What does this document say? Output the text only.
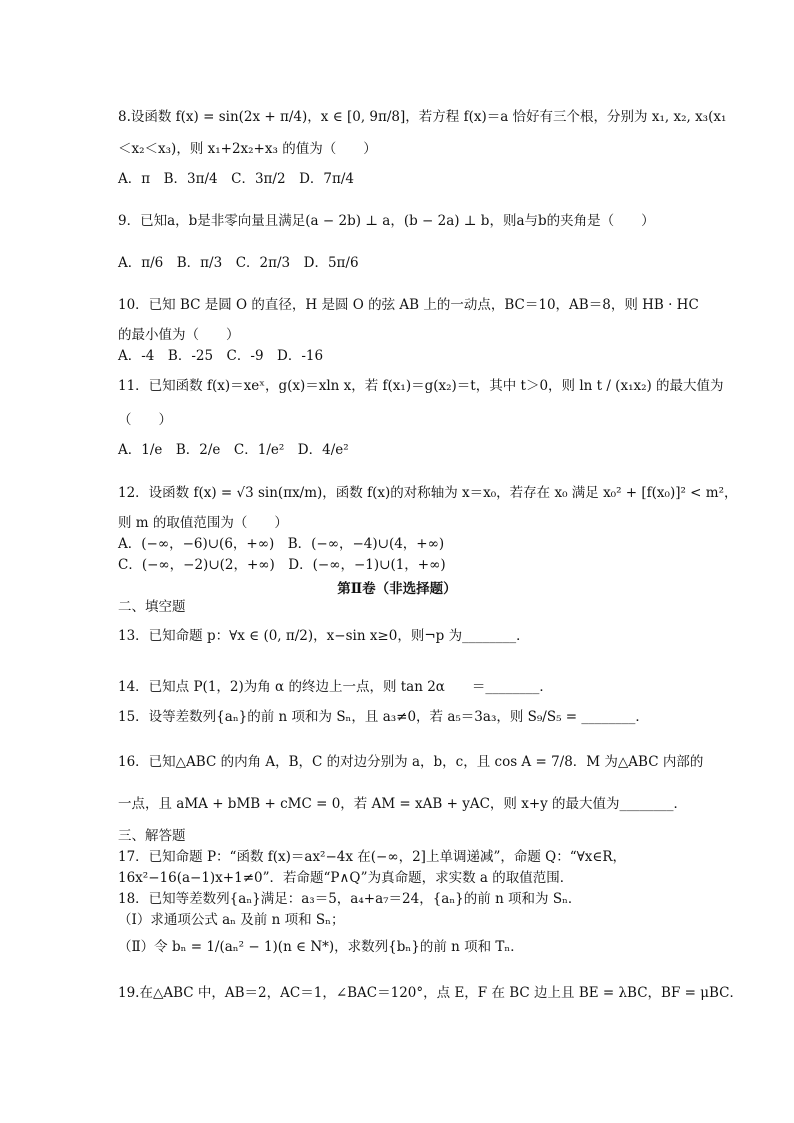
8.设函数 f(x) = sin(2x + π/4)，x ∈ [0, 9π/8]，若方程 f(x)＝a 恰好有三个根，分别为 x₁, x₂, x₃(x₁
＜x₂＜x₃)，则 x₁+2x₂+x₃ 的值为（　　）
A．π　B．3π/4　C．3π/2　D．7π/4
9．已知a，b是非零向量且满足(a − 2b) ⊥ a，(b − 2a) ⊥ b，则a与b的夹角是（　　）
A．π/6　B．π/3　C．2π/3　D．5π/6
10．已知 BC 是圆 O 的直径，H 是圆 O 的弦 AB 上的一动点，BC＝10，AB＝8，则 HB · HC
的最小值为（　　）
A．-4　B．-25　C．-9　D．-16
11．已知函数 f(x)＝xeˣ，g(x)＝xln x，若 f(x₁)＝g(x₂)＝t，其中 t＞0，则 ln t / (x₁x₂) 的最大值为
（　　）
A．1/e　B．2/e　C．1/e²　D．4/e²
12．设函数 f(x) = √3 sin(πx/m)，函数 f(x)的对称轴为 x＝x₀，若存在 x₀ 满足 x₀² + [f(x₀)]² < m²，
则 m 的取值范围为（　　）
A．(−∞，−6)∪(6，+∞)　B．(−∞，−4)∪(4，+∞)
C．(−∞，−2)∪(2，+∞)　D．(−∞，−1)∪(1，+∞)
第Ⅱ卷（非选择题）
二、填空题
13．已知命题 p：∀x ∈ (0, π/2)，x−sin x≥0，则¬p 为________．
14．已知点 P(1，2)为角 α 的终边上一点，则 tan 2α　　＝________．
15．设等差数列{aₙ}的前 n 项和为 Sₙ，且 a₃≠0，若 a₅＝3a₃，则 S₉/S₅ = ________．
16．已知△ABC 的内角 A，B，C 的对边分别为 a，b，c，且 cos A = 7/8．M 为△ABC 内部的
一点，且 aMA + bMB + cMC = 0，若 AM = xAB + yAC，则 x+y 的最大值为________．
三、解答题
17．已知命题 P：“函数 f(x)＝ax²−4x 在(−∞，2]上单调递减”，命题 Q：“∀x∈R，
16x²−16(a−1)x+1≠0”．若命题“P∧Q”为真命题，求实数 a 的取值范围．
18．已知等差数列{aₙ}满足：a₃＝5，a₄+a₇＝24，{aₙ}的前 n 项和为 Sₙ．
（Ⅰ）求通项公式 aₙ 及前 n 项和 Sₙ；
（Ⅱ）令 bₙ = 1/(aₙ² − 1)(n ∈ N*)，求数列{bₙ}的前 n 项和 Tₙ．
19.在△ABC 中，AB＝2，AC＝1，∠BAC＝120°，点 E，F 在 BC 边上且 BE = λBC，BF = μBC．
